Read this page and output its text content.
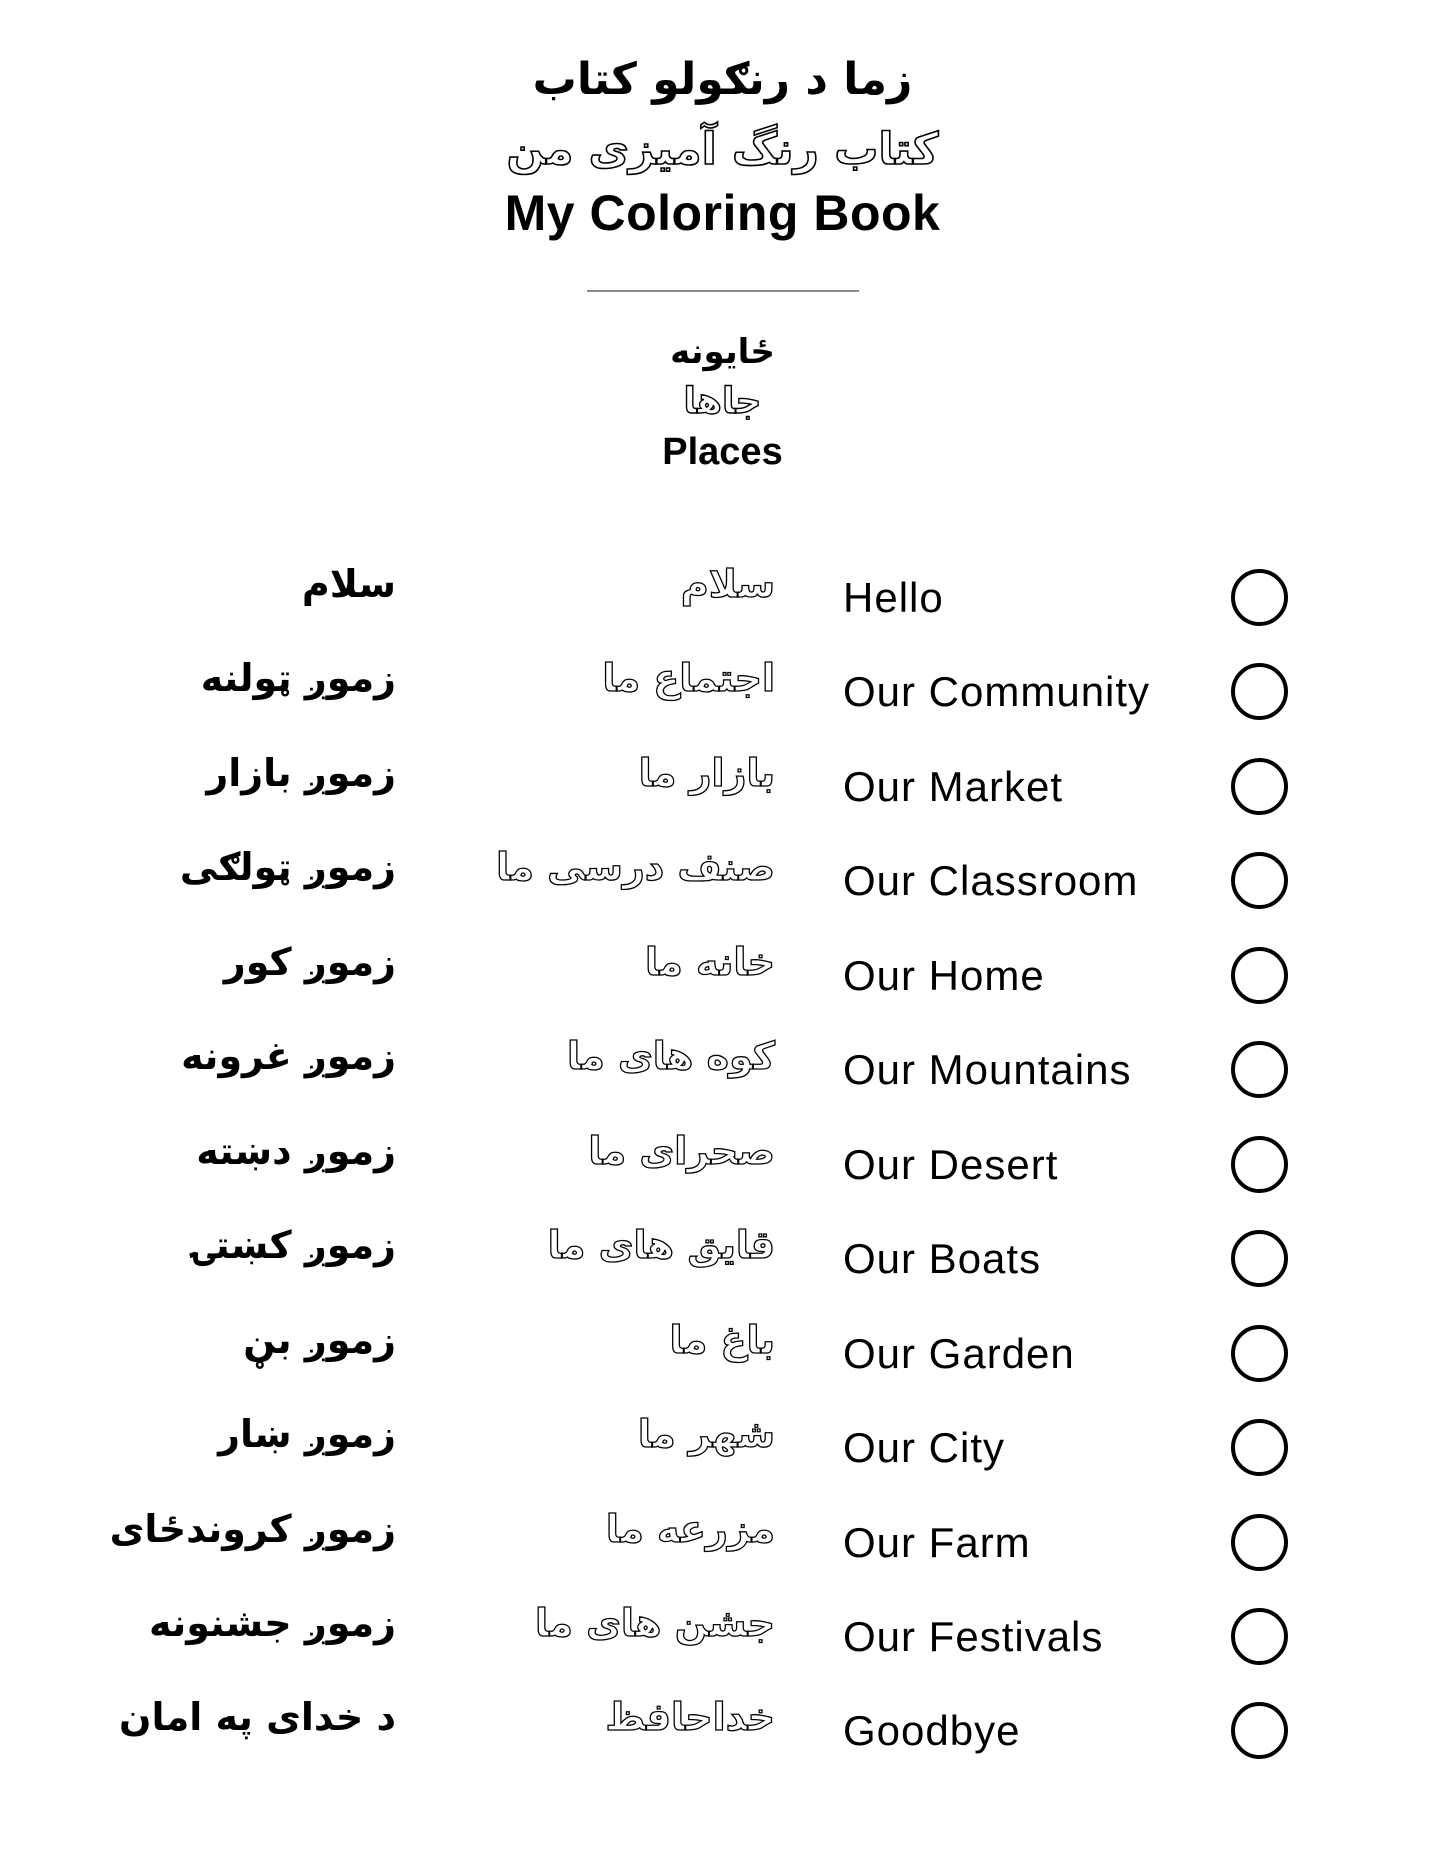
زما د رنګولو کتاب
کتاب رنگ آمیزی من
My Coloring Book
ځایونه
جاها
Places
سلام	سلام Hello
زموږ ټولنه	اجتماع ما Our Community
زموږ بازار	بازار ما Our Market
زموږ ټولګی	صنف درسی ما Our Classroom
زموږ کور	خانه ما Our Home
زموږ غرونه	کوه های ما Our Mountains
زموږ دښته	صحرای ما Our Desert
زموږ کښتۍ	قایق های ما Our Boats
زموږ بڼ	باغ ما Our Garden
زموږ ښار	شهر ما Our City
زموږ کروندځای	مزرعه ما Our Farm
زموږ جشنونه	جشن های ما Our Festivals
د خدای په امان	خداحافظ Goodbye
